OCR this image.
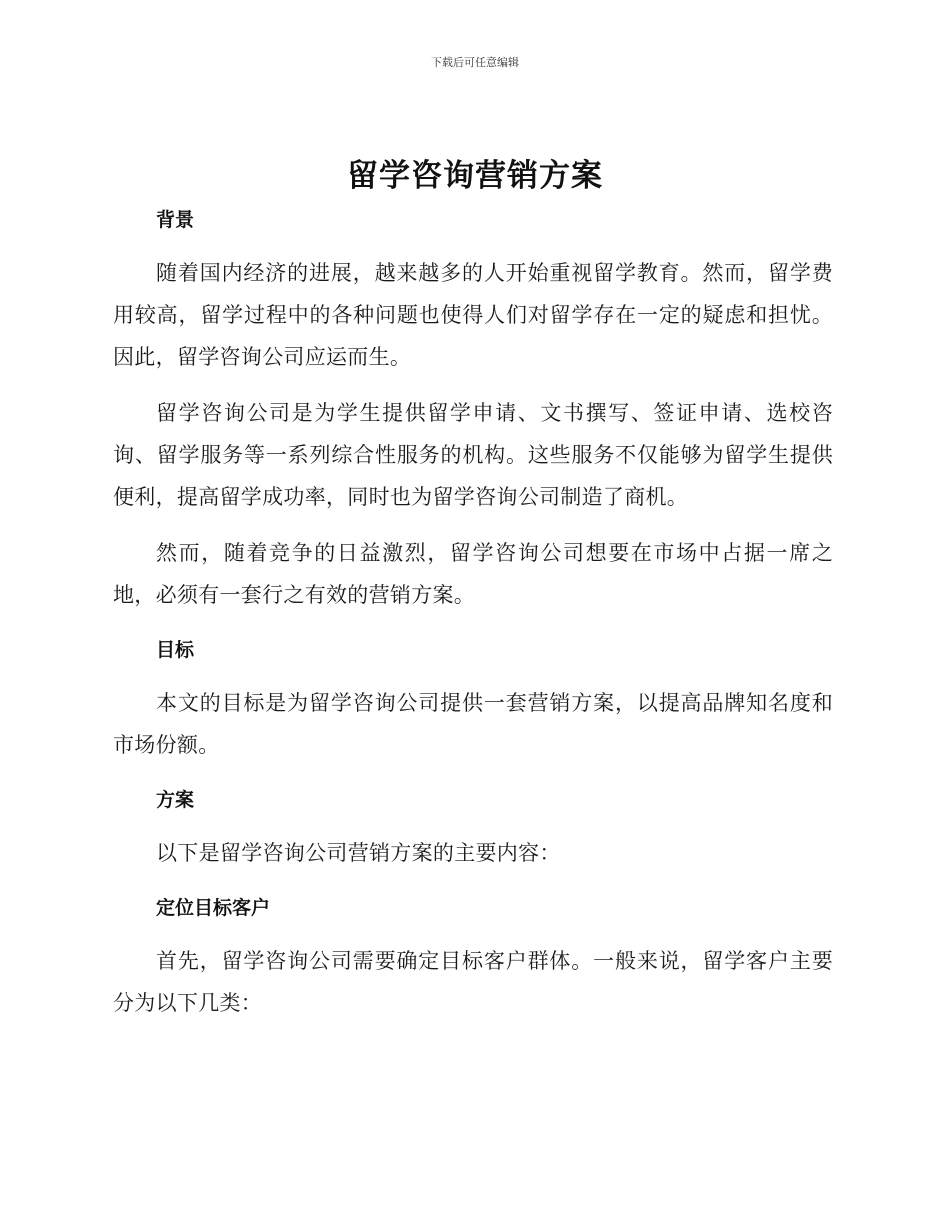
下载后可任意编辑
留学咨询营销方案
背景

随着国内经济的进展，越来越多的人开始重视留学教育。然而，留学费用较高，留学过程中的各种问题也使得人们对留学存在一定的疑虑和担忧。因此，留学咨询公司应运而生。

留学咨询公司是为学生提供留学申请、文书撰写、签证申请、选校咨询、留学服务等一系列综合性服务的机构。这些服务不仅能够为留学生提供便利，提高留学成功率，同时也为留学咨询公司制造了商机。

然而，随着竞争的日益激烈，留学咨询公司想要在市场中占据一席之地，必须有一套行之有效的营销方案。

目标

本文的目标是为留学咨询公司提供一套营销方案，以提高品牌知名度和市场份额。

方案

以下是留学咨询公司营销方案的主要内容：

定位目标客户

首先，留学咨询公司需要确定目标客户群体。一般来说，留学客户主要分为以下几类：
